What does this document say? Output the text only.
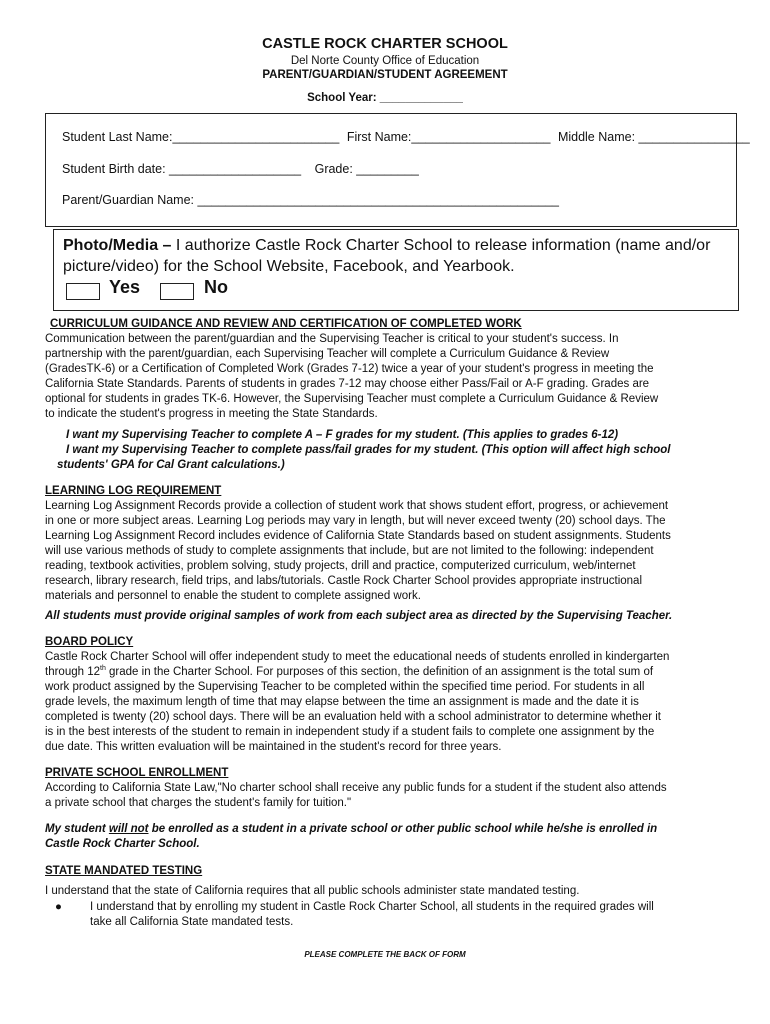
CASTLE ROCK CHARTER SCHOOL
Del Norte County Office of Education
PARENT/GUARDIAN/STUDENT AGREEMENT
School Year: _____________
Student Last Name:________________________ First Name:____________________ Middle Name: ________________
Student Birth date: ___________________ Grade: _________
Parent/Guardian Name: ____________________________________________________
Photo/Media – I authorize Castle Rock Charter School to release information (name and/or picture/video) for the School Website, Facebook, and Yearbook.
Yes	No
CURRICULUM GUIDANCE AND REVIEW AND CERTIFICATION OF COMPLETED WORK
Communication between the parent/guardian and the Supervising Teacher is critical to your student's success. In
partnership with the parent/guardian, each Supervising Teacher will complete a Curriculum Guidance & Review
(GradesTK-6) or a Certification of Completed Work (Grades 7-12) twice a year of your student's progress in meeting the
California State Standards. Parents of students in grades 7-12 may choose either Pass/Fail or A-F grading. Grades are
optional for students in grades TK-6. However, the Supervising Teacher must complete a Curriculum Guidance & Review
to indicate the student's progress in meeting the State Standards.
I want my Supervising Teacher to complete A – F grades for my student. (This applies to grades 6-12)
I want my Supervising Teacher to complete pass/fail grades for my student. (This option will affect high school
students' GPA for Cal Grant calculations.)
LEARNING LOG REQUIREMENT
Learning Log Assignment Records provide a collection of student work that shows student effort, progress, or achievement
in one or more subject areas. Learning Log periods may vary in length, but will never exceed twenty (20) school days. The
Learning Log Assignment Record includes evidence of California State Standards based on student assignments. Students
will use various methods of study to complete assignments that include, but are not limited to the following: independent
reading, textbook activities, problem solving, study projects, drill and practice, computerized curriculum, web/internet
research, library research, field trips, and labs/tutorials. Castle Rock Charter School provides appropriate instructional
materials and personnel to enable the student to complete assigned work.
All students must provide original samples of work from each subject area as directed by the Supervising Teacher.
BOARD POLICY
Castle Rock Charter School will offer independent study to meet the educational needs of students enrolled in kindergarten
through 12th grade in the Charter School. For purposes of this section, the definition of an assignment is the total sum of
work product assigned by the Supervising Teacher to be completed within the specified time period. For students in all
grade levels, the maximum length of time that may elapse between the time an assignment is made and the date it is
completed is twenty (20) school days. There will be an evaluation held with a school administrator to determine whether it
is in the best interests of the student to remain in independent study if a student fails to complete one assignment by the
due date. This written evaluation will be maintained in the student's record for three years.
PRIVATE SCHOOL ENROLLMENT
According to California State Law,"No charter school shall receive any public funds for a student if the student also attends
a private school that charges the student's family for tuition."
My student will not be enrolled as a student in a private school or other public school while he/she is enrolled in
Castle Rock Charter School.
STATE MANDATED TESTING
I understand that the state of California requires that all public schools administer state mandated testing.
● I understand that by enrolling my student in Castle Rock Charter School, all students in the required grades will
take all California State mandated tests.
PLEASE COMPLETE THE BACK OF FORM
